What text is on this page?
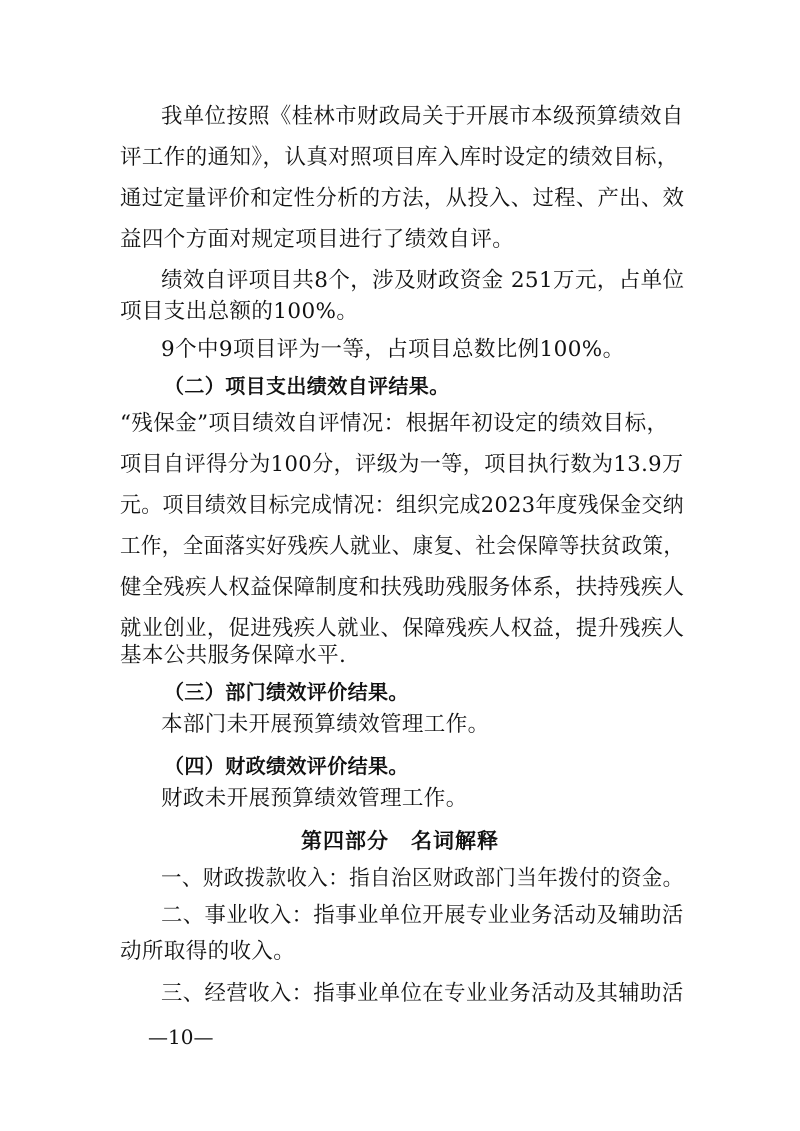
我单位按照《桂林市财政局关于开展市本级预算绩效自
评工作的通知》，认真对照项目库入库时设定的绩效目标，
通过定量评价和定性分析的方法，从投入、过程、产出、效
益四个方面对规定项目进行了绩效自评。
绩效自评项目共8个，涉及财政资金 251万元，占单位
项目支出总额的100%。
9个中9项目评为一等，占项目总数比例100%。
（二）项目支出绩效自评结果。
“残保金”项目绩效自评情况：根据年初设定的绩效目标，
项目自评得分为100分，评级为一等，项目执行数为13.9万
元。项目绩效目标完成情况：组织完成2023年度残保金交纳
工作，全面落实好残疾人就业、康复、社会保障等扶贫政策，
健全残疾人权益保障制度和扶残助残服务体系，扶持残疾人
就业创业，促进残疾人就业、保障残疾人权益，提升残疾人
基本公共服务保障水平.
（三）部门绩效评价结果。
本部门未开展预算绩效管理工作。
（四）财政绩效评价结果。
财政未开展预算绩效管理工作。
第四部分　名词解释
一、财政拨款收入：指自治区财政部门当年拨付的资金。
二、事业收入：指事业单位开展专业业务活动及辅助活
动所取得的收入。
三、经营收入：指事业单位在专业业务活动及其辅助活
—10—
